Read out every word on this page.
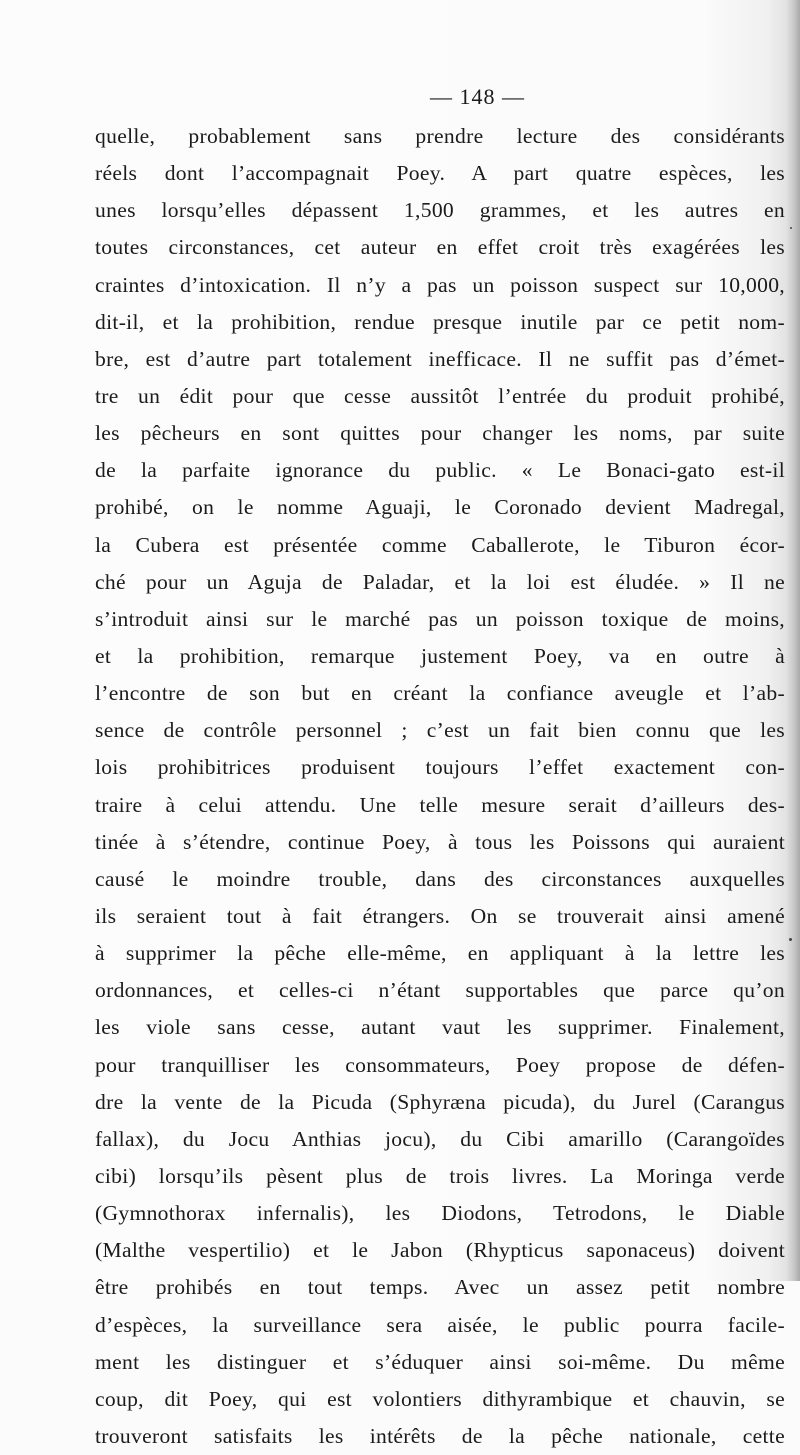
— 148 —
quelle, probablement sans prendre lecture des considérants
réels dont l’accompagnait Poey. A part quatre espèces, les
unes lorsqu’elles dépassent 1,500 grammes, et les autres en
toutes circonstances, cet auteur en effet croit très exagérées les
craintes d’intoxication. Il n’y a pas un poisson suspect sur 10,000,
dit-il, et la prohibition, rendue presque inutile par ce petit nom-
bre, est d’autre part totalement inefficace. Il ne suffit pas d’émet-
tre un édit pour que cesse aussitôt l’entrée du produit prohibé,
les pêcheurs en sont quittes pour changer les noms, par suite
de la parfaite ignorance du public. « Le Bonaci-gato est-il
prohibé, on le nomme Aguaji, le Coronado devient Madregal,
la Cubera est présentée comme Caballerote, le Tiburon écor-
ché pour un Aguja de Paladar, et la loi est éludée. » Il ne
s’introduit ainsi sur le marché pas un poisson toxique de moins,
et la prohibition, remarque justement Poey, va en outre à
l’encontre de son but en créant la confiance aveugle et l’ab-
sence de contrôle personnel ; c’est un fait bien connu que les
lois prohibitrices produisent toujours l’effet exactement con-
traire à celui attendu. Une telle mesure serait d’ailleurs des-
tinée à s’étendre, continue Poey, à tous les Poissons qui auraient
causé le moindre trouble, dans des circonstances auxquelles
ils seraient tout à fait étrangers. On se trouverait ainsi amené
à supprimer la pêche elle-même, en appliquant à la lettre les
ordonnances, et celles-ci n’étant supportables que parce qu’on
les viole sans cesse, autant vaut les supprimer. Finalement,
pour tranquilliser les consommateurs, Poey propose de défen-
dre la vente de la Picuda (Sphyræna picuda), du Jurel (Carangus
fallax), du Jocu Anthias jocu), du Cibi amarillo (Carangoïdes
cibi) lorsqu’ils pèsent plus de trois livres. La Moringa verde
(Gymnothorax infernalis), les Diodons, Tetrodons, le Diable
(Malthe vespertilio) et le Jabon (Rhypticus saponaceus) doivent
être prohibés en tout temps. Avec un assez petit nombre
d’espèces, la surveillance sera aisée, le public pourra facile-
ment les distinguer et s’éduquer ainsi soi-même. Du même
coup, dit Poey, qui est volontiers dithyrambique et chauvin, se
trouveront satisfaits les intérêts de la pêche nationale, cette
